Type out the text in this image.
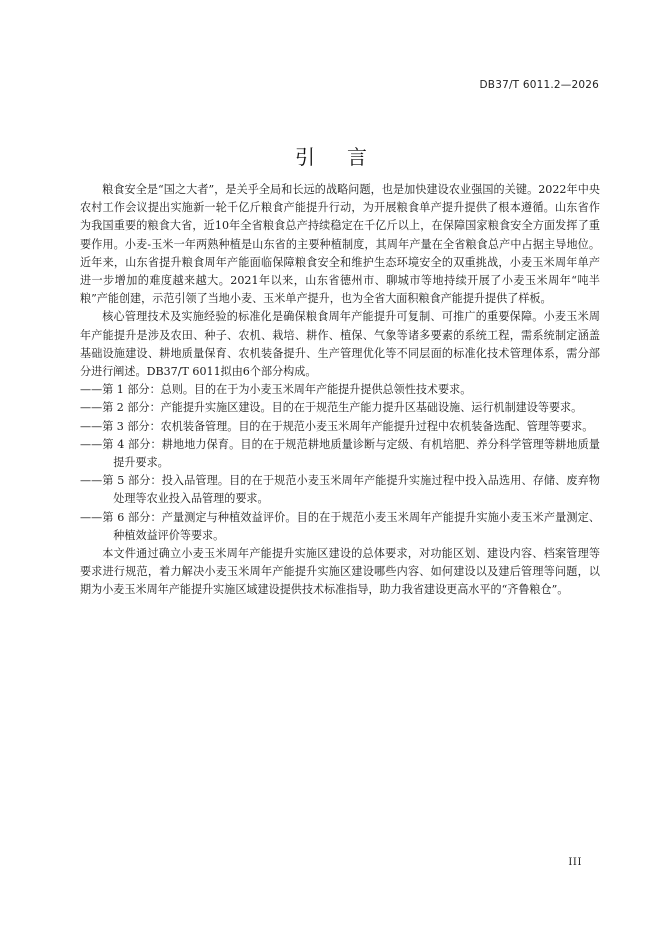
DB37/T 6011.2—2026
引言

粮食安全是“国之大者”，是关乎全局和长远的战略问题，也是加快建设农业强国的关键。2022年中央农村工作会议提出实施新一轮千亿斤粮食产能提升行动，为开展粮食单产提升提供了根本遵循。山东省作为我国重要的粮食大省，近10年全省粮食总产持续稳定在千亿斤以上，在保障国家粮食安全方面发挥了重要作用。小麦-玉米一年两熟种植是山东省的主要种植制度，其周年产量在全省粮食总产中占据主导地位。近年来，山东省提升粮食周年产能面临保障粮食安全和维护生态环境安全的双重挑战，小麦玉米周年单产进一步增加的难度越来越大。2021年以来，山东省德州市、聊城市等地持续开展了小麦玉米周年“吨半粮”产能创建，示范引领了当地小麦、玉米单产提升，也为全省大面积粮食产能提升提供了样板。

核心管理技术及实施经验的标准化是确保粮食周年产能提升可复制、可推广的重要保障。小麦玉米周年产能提升是涉及农田、种子、农机、栽培、耕作、植保、气象等诸多要素的系统工程，需系统制定涵盖基础设施建设、耕地质量保育、农机装备提升、生产管理优化等不同层面的标准化技术管理体系，需分部分进行阐述。DB37/T 6011拟由6个部分构成。

——第 1 部分：总则。目的在于为小麦玉米周年产能提升提供总领性技术要求。

——第 2 部分：产能提升实施区建设。目的在于规范生产能力提升区基础设施、运行机制建设等要求。

——第 3 部分：农机装备管理。目的在于规范小麦玉米周年产能提升过程中农机装备选配、管理等要求。

——第 4 部分：耕地地力保育。目的在于规范耕地质量诊断与定级、有机培肥、养分科学管理等耕地质量提升要求。

——第 5 部分：投入品管理。目的在于规范小麦玉米周年产能提升实施过程中投入品选用、存储、废弃物处理等农业投入品管理的要求。

——第 6 部分：产量测定与种植效益评价。目的在于规范小麦玉米周年产能提升实施小麦玉米产量测定、种植效益评价等要求。

本文件通过确立小麦玉米周年产能提升实施区建设的总体要求，对功能区划、建设内容、档案管理等要求进行规范，着力解决小麦玉米周年产能提升实施区建设哪些内容、如何建设以及建后管理等问题，以期为小麦玉米周年产能提升实施区域建设提供技术标准指导，助力我省建设更高水平的“齐鲁粮仓”。

III
